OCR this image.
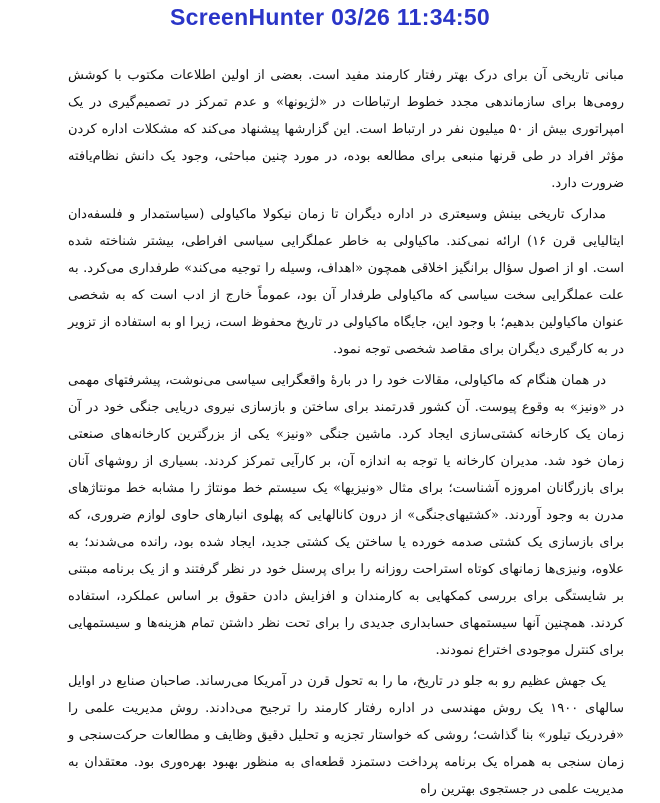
ScreenHunter 03/26 11:34:50

مبانی تاریخی آن برای درک بهتر رفتار کارمند مفید است. بعضی از اولین اطلاعات مکتوب با کوشش رومی‌ها برای سازماندهی مجدد خطوط ارتباطات در «لژیونها» و عدم تمرکز در تصمیم‌گیری در یک امپراتوری بیش از ۵۰ میلیون نفر در ارتباط است. این گزارشها پیشنهاد می‌کند که مشکلات اداره کردن مؤثر افراد در طی قرنها منبعی برای مطالعه بوده، در مورد چنین مباحثی، وجود یک دانش نظام‌یافته ضرورت دارد.

مدارک تاریخی بینش وسیعتری در اداره دیگران تا زمان نیکولا ماکیاولی (سیاستمدار و فلسفه‌دان ایتالیایی قرن ۱۶) ارائه نمی‌کند. ماکیاولی به خاطر عملگرایی سیاسی افراطی، بیشتر شناخته شده است. او از اصول سؤال برانگیز اخلاقی همچون «اهداف، وسیله را توجیه می‌کند» طرفداری می‌کرد. به علت عملگرایی سخت سیاسی که ماکیاولی طرفدار آن بود، عموماً خارج از ادب است که به شخصی عنوان ماکیاولین بدهیم؛ با وجود این، جایگاه ماکیاولی در تاریخ محفوظ است، زیرا او به استفاده از تزویر در به کارگیری دیگران برای مقاصد شخصی توجه نمود.

در همان هنگام که ماکیاولی، مقالات خود را در بارهٔ واقعگرایی سیاسی می‌نوشت، پیشرفتهای مهمی در «ونیز» به وقوع پیوست. آن کشور قدرتمند برای ساختن و بازسازی نیروی دریایی جنگی خود در آن زمان یک کارخانه کشتی‌سازی ایجاد کرد. ماشین جنگی «ونیز» یکی از بزرگترین کارخانه‌های صنعتی زمان خود شد. مدیران کارخانه یا توجه به اندازه آن، بر کارآیی تمرکز کردند. بسیاری از روشهای آنان برای بازرگانان امروزه آشناست؛ برای مثال «ونیزیها» یک سیستم خط مونتاژ را مشابه خط مونتاژهای مدرن به وجود آوردند. «کشتیهای‌جنگی» از درون کانالهایی که پهلوی انبارهای حاوی لوازم ضروری، که برای بازسازی یک کشتی صدمه خورده یا ساختن یک کشتی جدید، ایجاد شده بود، رانده می‌شدند؛ به علاوه، ونیزی‌ها زمانهای کوتاه استراحت روزانه را برای پرسنل خود در نظر گرفتند و از یک برنامه مبتنی بر شایستگی برای بررسی کمکهایی به کارمندان و افزایش دادن حقوق بر اساس عملکرد، استفاده کردند. همچنین آنها سیستمهای حسابداری جدیدی را برای تحت نظر داشتن تمام هزینه‌ها و سیستمهایی برای کنترل موجودی اختراع نمودند.

یک جهش عظیم رو به جلو در تاریخ، ما را به تحول قرن در آمریکا می‌رساند. صاحبان صنایع در اوایل سالهای ۱۹۰۰ یک روش مهندسی در اداره رفتار کارمند را ترجیح می‌دادند. روش مدیریت علمی را «فردریک تیلور» بنا گذاشت؛ روشی که خواستار تجزیه و تحلیل دقیق وظایف و مطالعات حرکت‌سنجی و زمان سنجی به همراه یک برنامه پرداخت دستمزد قطعه‌ای به منظور بهبود بهره‌وری بود. معتقدان به مدیریت علمی در جستجوی بهترین راه
